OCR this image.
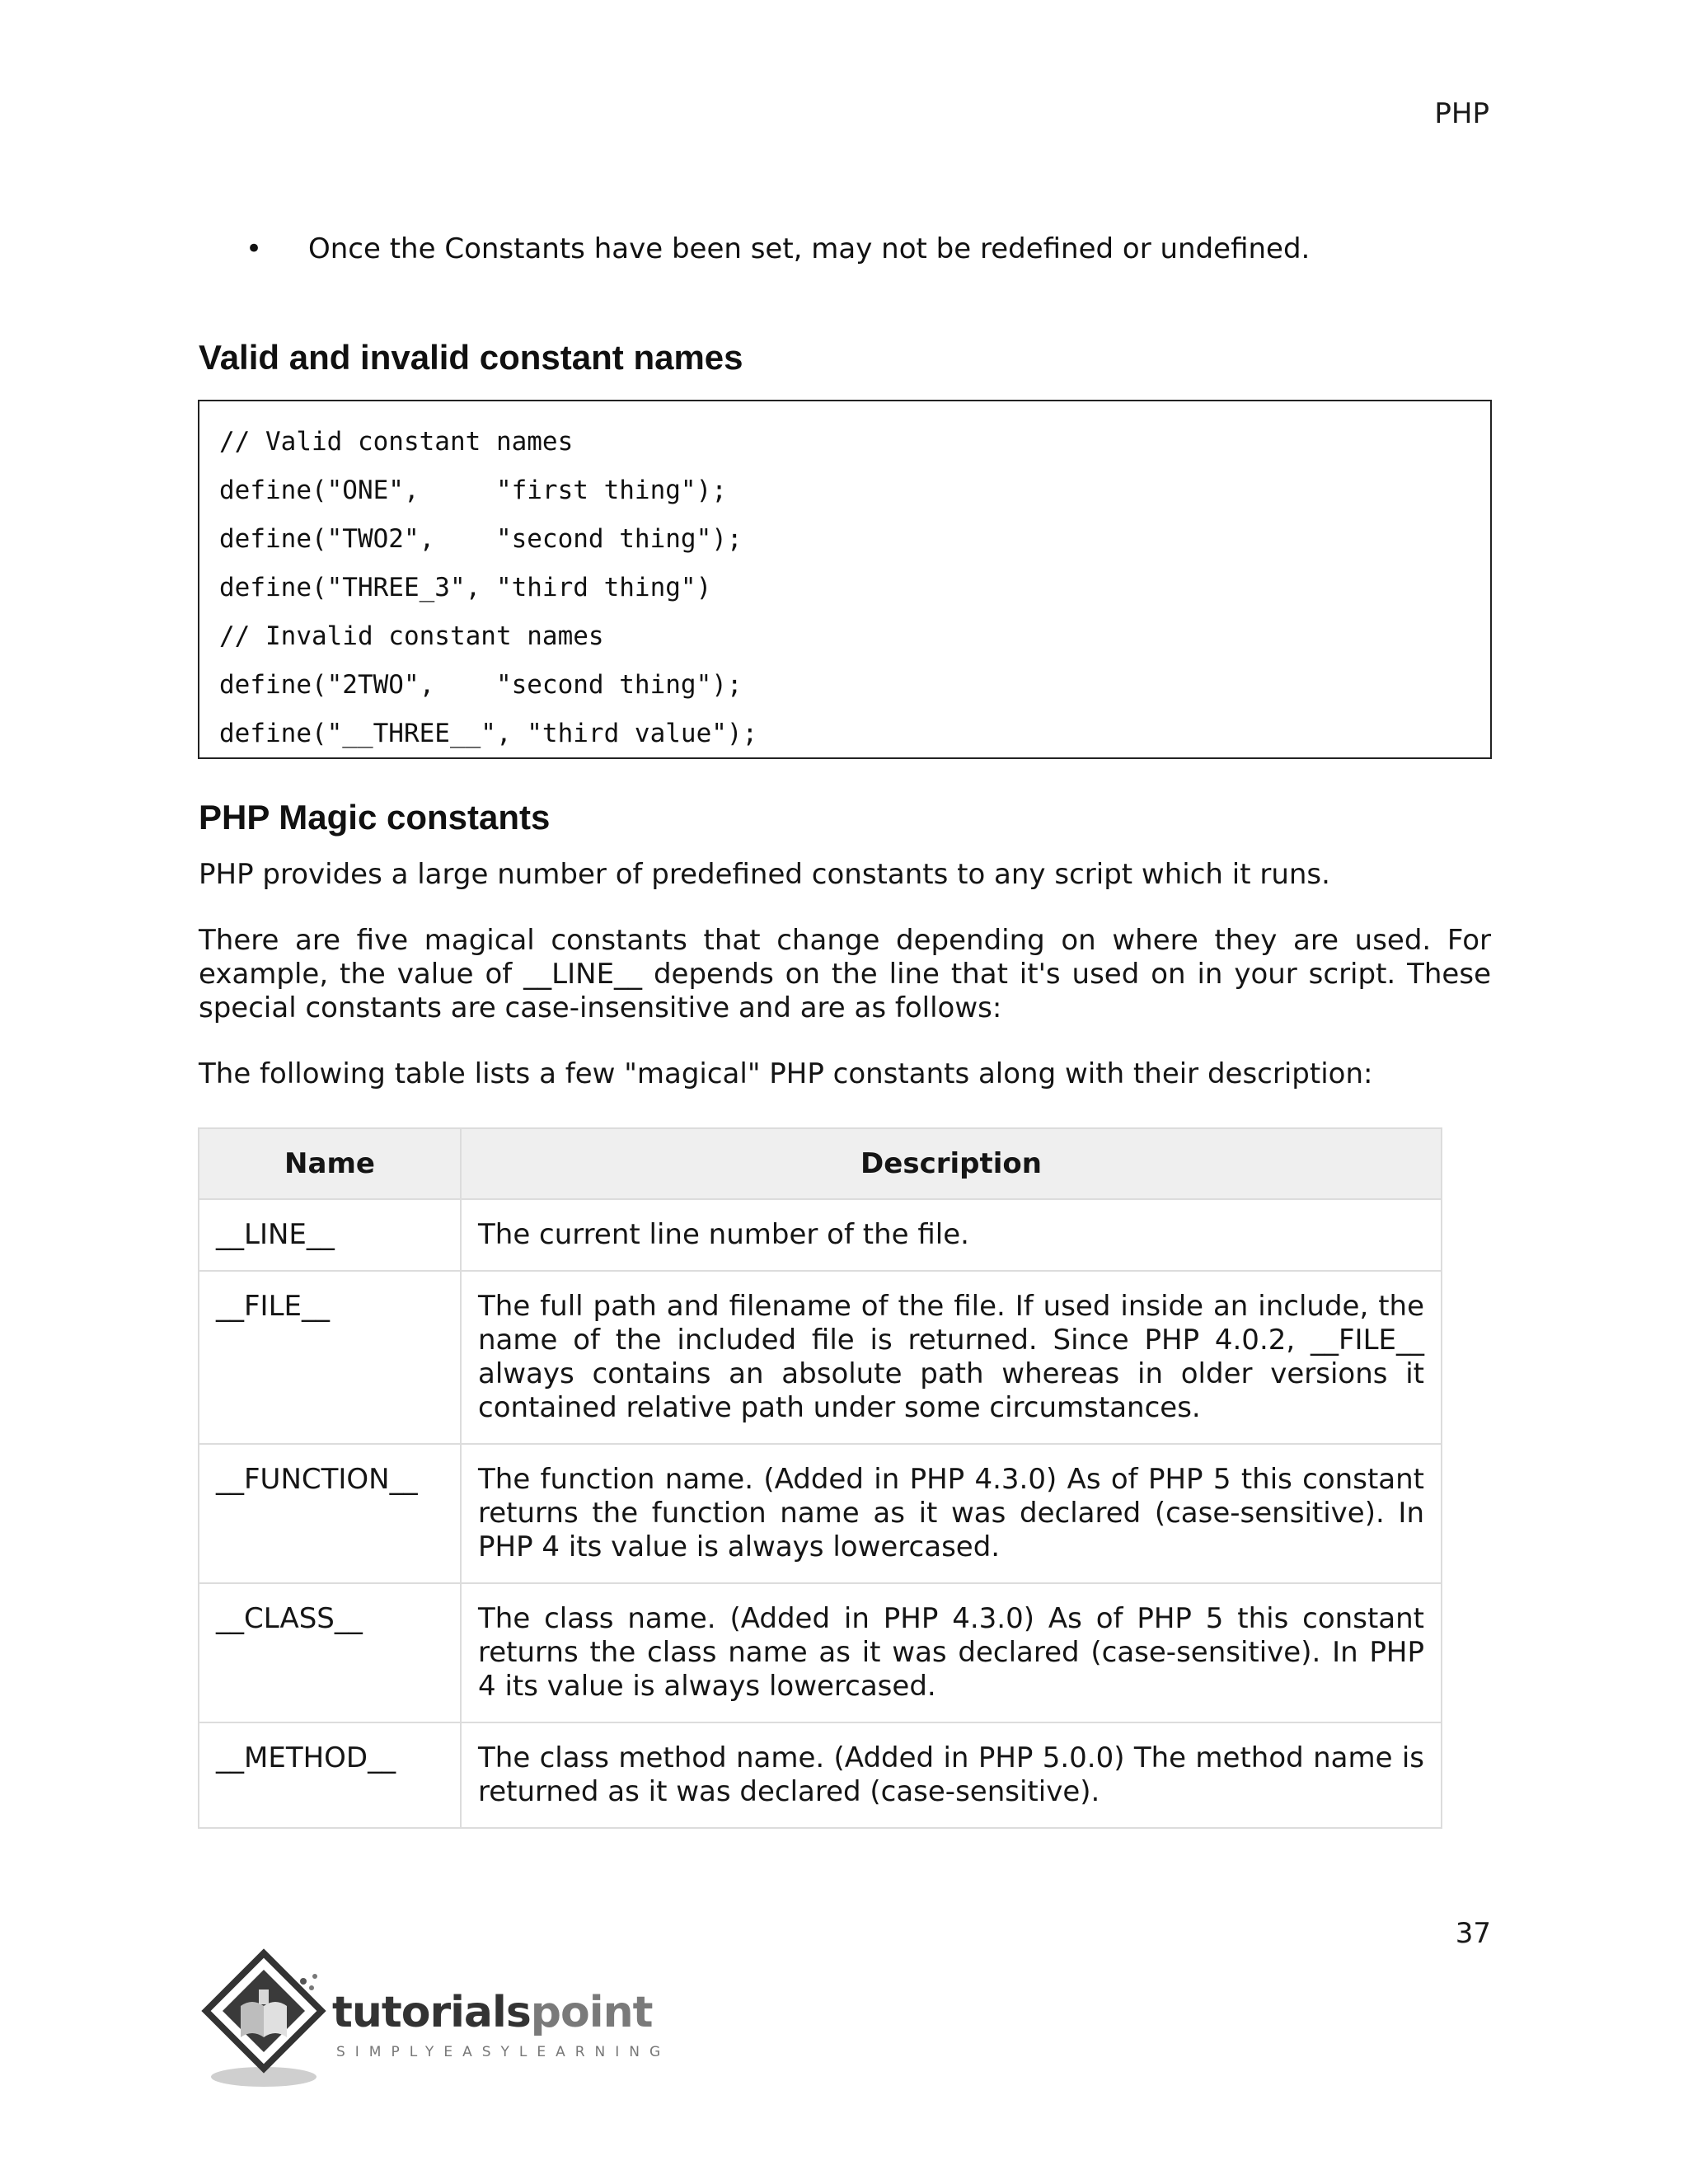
PHP
•	Once the Constants have been set, may not be redefined or undefined.
Valid and invalid constant names
// Valid constant names
define("ONE",     "first thing");
define("TWO2",    "second thing");
define("THREE_3", "third thing")
// Invalid constant names
define("2TWO",    "second thing");
define("__THREE__", "third value");
PHP Magic constants

PHP provides a large number of predefined constants to any script which it runs.

There are five magical constants that change depending on where they are used. For example, the value of __LINE__ depends on the line that it's used on in your script. These special constants are case-insensitive and are as follows:

The following table lists a few "magical" PHP constants along with their description:

Name	Description
__LINE__	The current line number of the file.
__FILE__	The full path and filename of the file. If used inside an include, the name of the included file is returned. Since PHP 4.0.2, __FILE__ always contains an absolute path whereas in older versions it contained relative path under some circumstances.
__FUNCTION__	The function name. (Added in PHP 4.3.0) As of PHP 5 this constant returns the function name as it was declared (case-sensitive). In PHP 4 its value is always lowercased.
__CLASS__	The class name. (Added in PHP 4.3.0) As of PHP 5 this constant returns the class name as it was declared (case-sensitive). In PHP 4 its value is always lowercased.
__METHOD__	The class method name. (Added in PHP 5.0.0) The method name is returned as it was declared (case-sensitive).
37
tutorialspoint
SIMPLYEASYLEARNING
